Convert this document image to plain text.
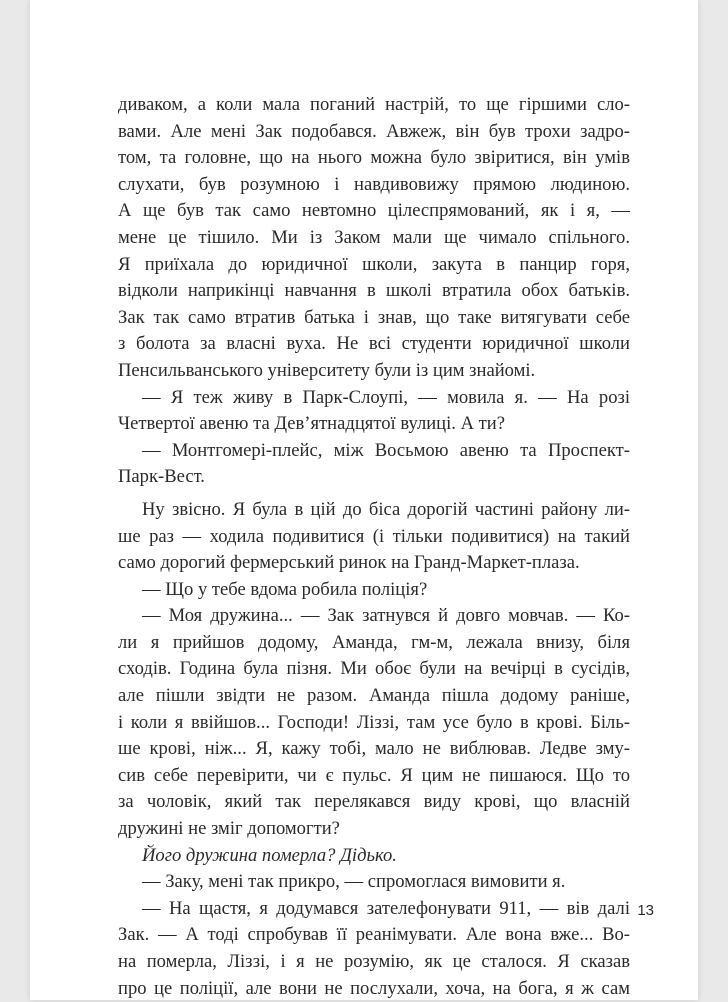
диваком, а коли мала поганий настрій, то ще гіршими сло-

вами. Але мені Зак подобався. Авжеж, він був трохи задро-

том, та головне, що на нього можна було звіритися, він умів

слухати, був розумною і навдивовижу прямою людиною.

А ще був так само невтомно цілеспрямований, як і я, —

мене це тішило. Ми із Заком мали ще чимало спільного.

Я приїхала до юридичної школи, закута в панцир горя,

відколи наприкінці навчання в школі втратила обох батьків.

Зак так само втратив батька і знав, що таке витягувати себе

з болота за власні вуха. Не всі студенти юридичної школи

Пенсильванського університету були із цим знайомі.

— Я теж живу в Парк-Слоупі, — мовила я. — На розі

Четвертої авеню та Дев’ятнадцятої вулиці. А ти?

— Монтгомері-плейс, між Восьмою авеню та Проспект-

Парк-Вест.

Ну звісно. Я була в цій до біса дорогій частині району ли-

ше раз — ходила подивитися (і тільки подивитися) на такий

само дорогий фермерський ринок на Гранд-Маркет-плаза.

— Що у тебе вдома робила поліція?

— Моя дружина... — Зак затнувся й довго мовчав. — Ко-

ли я прийшов додому, Аманда, гм-м, лежала внизу, біля

сходів. Година була пізня. Ми обоє були на вечірці в сусідів,

але пішли звідти не разом. Аманда пішла додому раніше,

і коли я ввійшов... Господи! Ліззі, там усе було в крові. Біль-

ше крові, ніж... Я, кажу тобі, мало не виблював. Ледве зму-

сив себе перевірити, чи є пульс. Я цим не пишаюся. Що то

за чоловік, який так перелякався виду крові, що власній

дружині не зміг допомогти?

Його дружина померла? Дідько.

— Заку, мені так прикро, — спромоглася вимовити я.

— На щастя, я додумався зателефонувати 911, — вів далі

Зак. — А тоді спробував її реанімувати. Але вона вже... Во-

на померла, Ліззі, і я не розумію, як це сталося. Я сказав

про це поліції, але вони не послухали, хоча, на бога, я ж сам

13
